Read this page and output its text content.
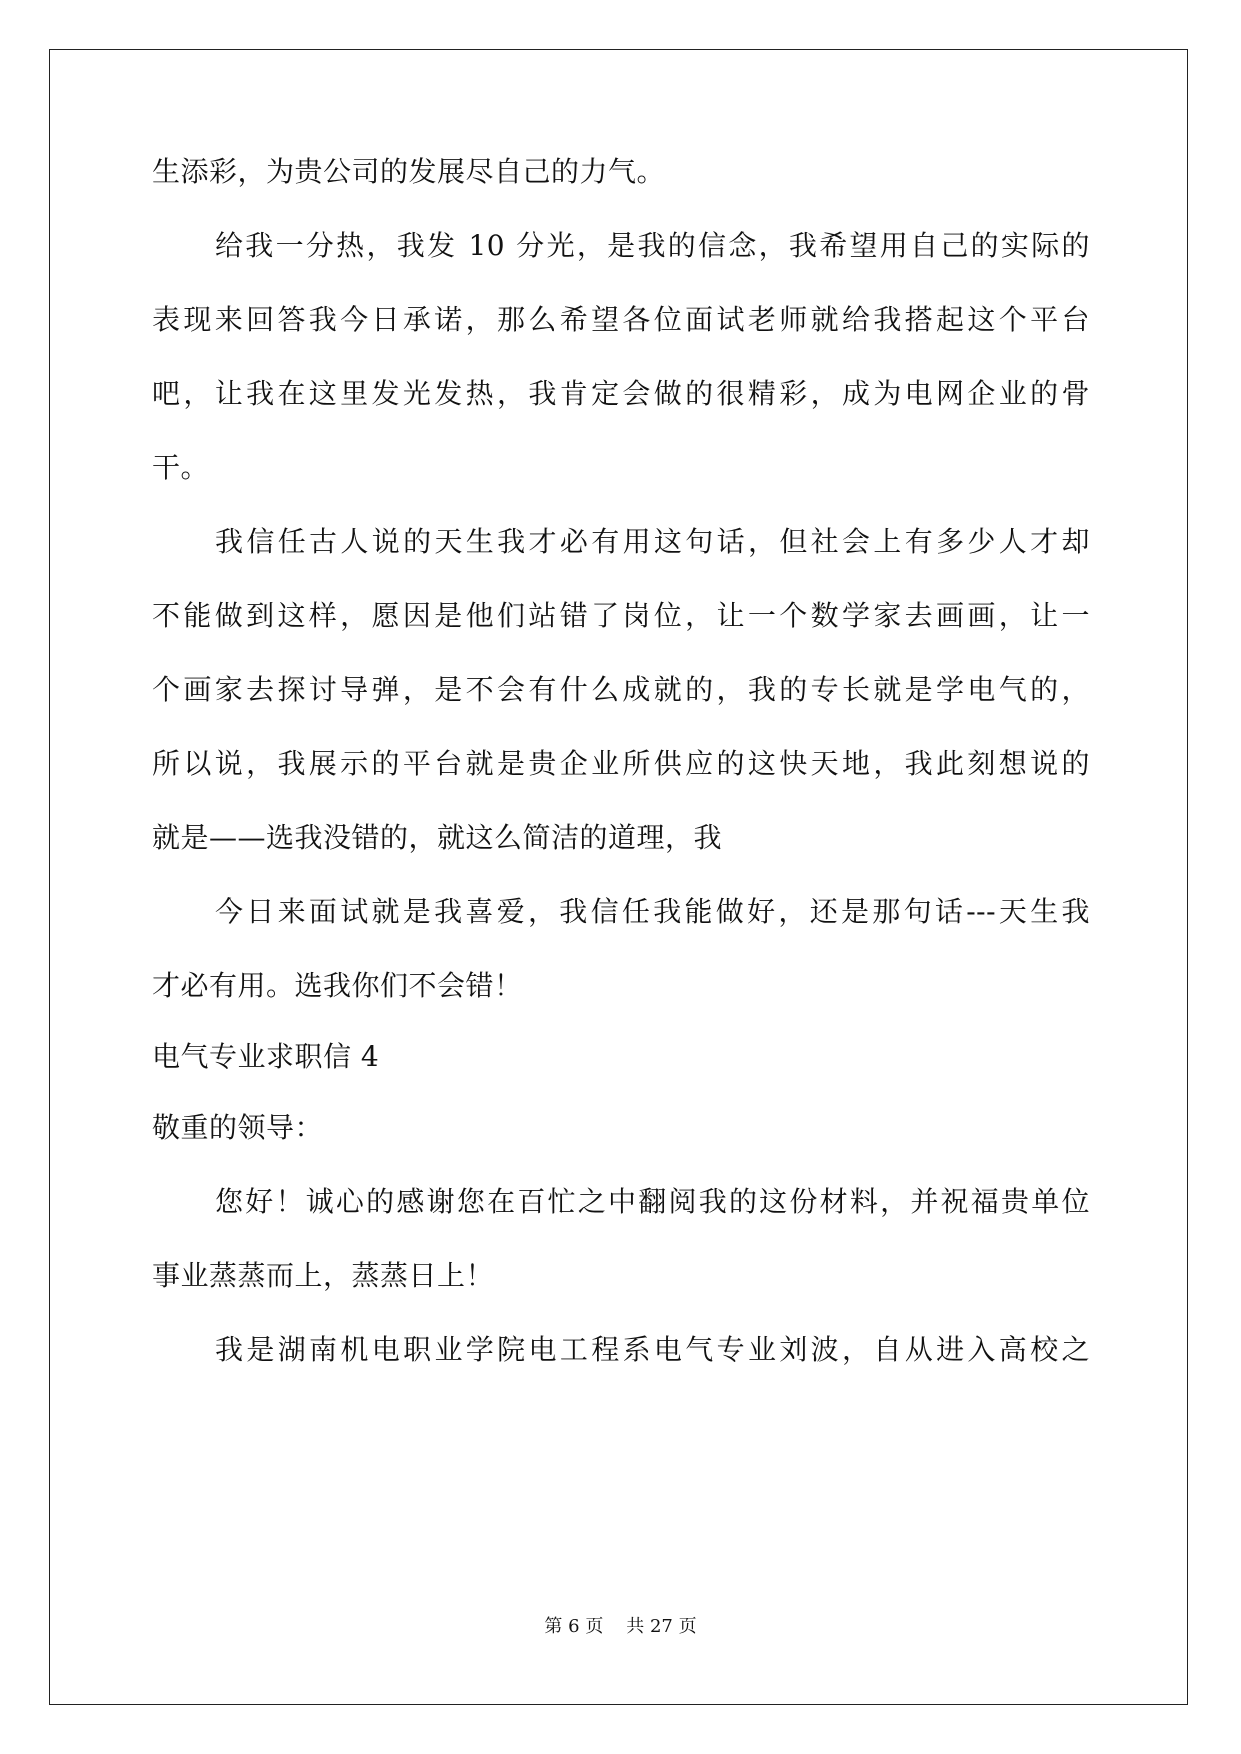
生添彩，为贵公司的发展尽自己的力气。
给我一分热，我发 10 分光，是我的信念，我希望用自己的实际的
表现来回答我今日承诺，那么希望各位面试老师就给我搭起这个平台
吧，让我在这里发光发热，我肯定会做的很精彩，成为电网企业的骨
干。
我信任古人说的天生我才必有用这句话，但社会上有多少人才却
不能做到这样，愿因是他们站错了岗位，让一个数学家去画画，让一
个画家去探讨导弹，是不会有什么成就的，我的专长就是学电气的，
所以说，我展示的平台就是贵企业所供应的这快天地，我此刻想说的
就是——选我没错的，就这么简洁的道理，我
今日来面试就是我喜爱，我信任我能做好，还是那句话---天生我
才必有用。选我你们不会错！
电气专业求职信 4
敬重的领导：
您好！诚心的感谢您在百忙之中翻阅我的这份材料，并祝福贵单位
事业蒸蒸而上，蒸蒸日上！
我是湖南机电职业学院电工程系电气专业刘波，自从进入高校之
第 6 页 共 27 页
